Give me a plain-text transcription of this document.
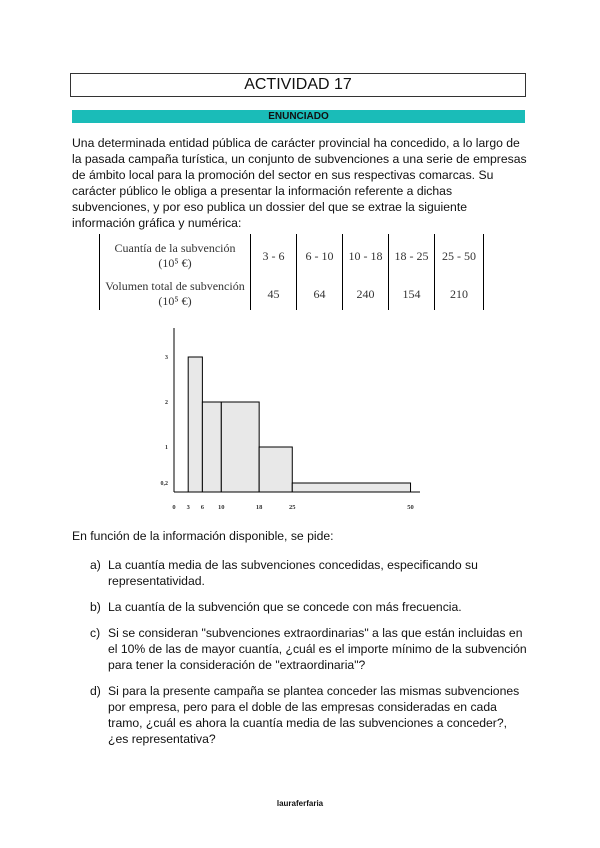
ACTIVIDAD 17
ENUNCIADO

Una determinada entidad pública de carácter provincial ha concedido, a lo largo de la pasada campaña turística, un conjunto de subvenciones a una serie de empresas de ámbito local para la promoción del sector en sus respectivas comarcas. Su carácter público le obliga a presentar la información referente a dichas subvenciones, y por eso publica un dossier del que se extrae la siguiente información gráfica y numérica:

Cuantía de la subvención
(10⁵ €)	3 - 6	6 - 10	10 - 18	18 - 25	25 - 50

Volumen total de subvención
(10⁵ €)	45	64	240	154	210
0 3 6 10	18	25	50
0,2
1
2
3

En función de la información disponible, se pide:

a) La cuantía media de las subvenciones concedidas, especificando su representatividad.
b) La cuantía de la subvención que se concede con más frecuencia.
c) Si se consideran "subvenciones extraordinarias" a las que están incluidas en el 10% de las de mayor cuantía, ¿cuál es el importe mínimo de la subvención para tener la consideración de "extraordinaria"?
d) Si para la presente campaña se plantea conceder las mismas subvenciones por empresa, pero para el doble de las empresas consideradas en cada tramo, ¿cuál es ahora la cuantía media de las subvenciones a conceder?, ¿es representativa?
lauraferfaria
